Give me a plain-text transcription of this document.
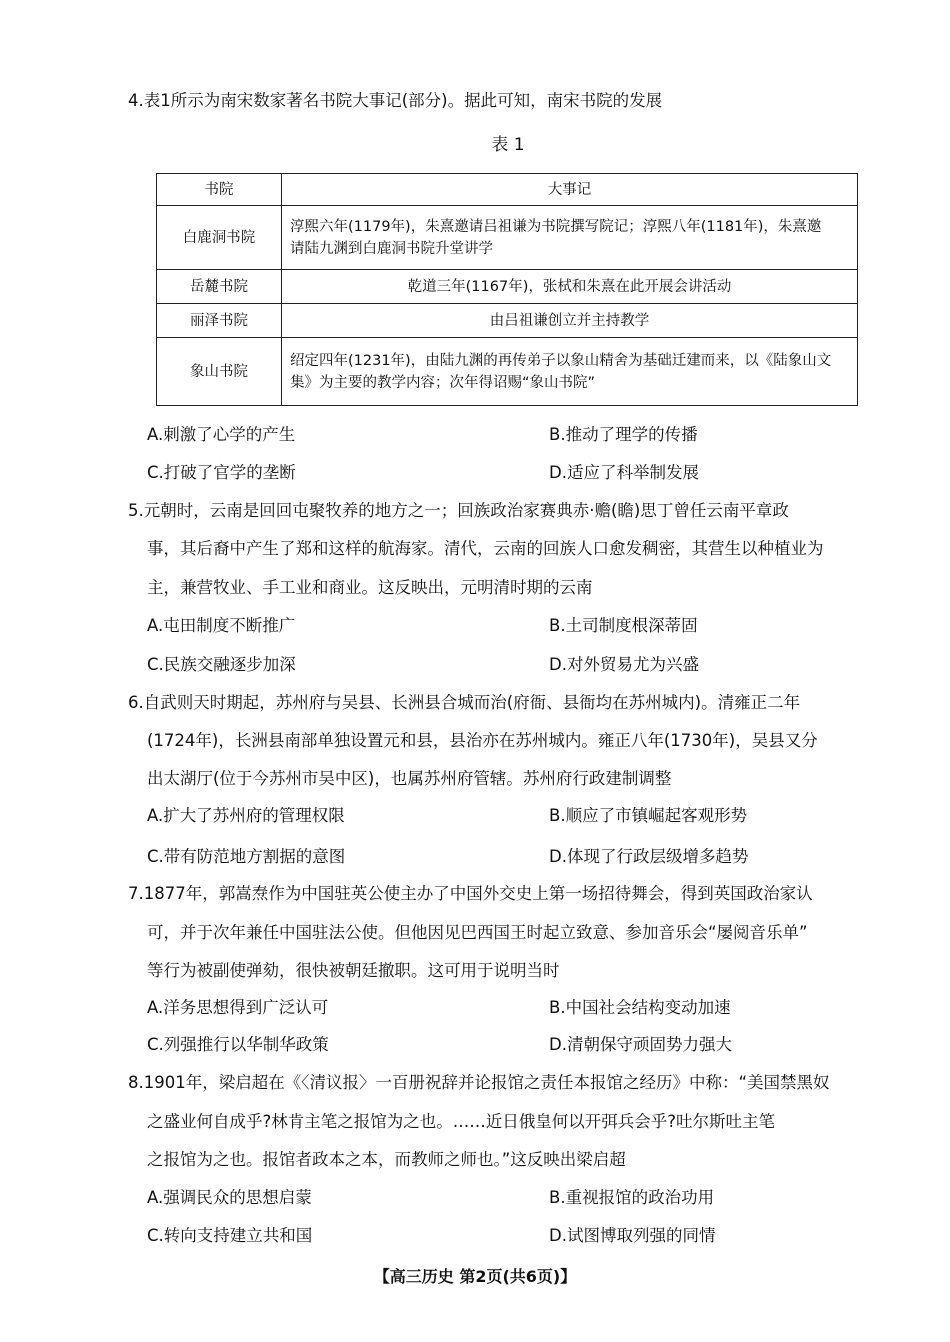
4.表1所示为南宋数家著名书院大事记(部分)。据此可知，南宋书院的发展
表 1
书院	大事记
白鹿洞书院	淳熙六年(1179年)，朱熹邀请吕祖谦为书院撰写院记；淳熙八年(1181年)，朱熹邀
请陆九渊到白鹿洞书院升堂讲学

岳麓书院	乾道三年(1167年)，张栻和朱熹在此开展会讲活动
丽泽书院	由吕祖谦创立并主持教学
象山书院	绍定四年(1231年)，由陆九渊的再传弟子以象山精舍为基础迁建而来，以《陆象山文
集》为主要的教学内容；次年得诏赐“象山书院”
A.刺激了心学的产生	B.推动了理学的传播
C.打破了官学的垄断	D.适应了科举制发展
5.元朝时，云南是回回屯聚牧养的地方之一；回族政治家赛典赤·赡(瞻)思丁曾任云南平章政
事，其后裔中产生了郑和这样的航海家。清代，云南的回族人口愈发稠密，其营生以种植业为
主，兼营牧业、手工业和商业。这反映出，元明清时期的云南
A.屯田制度不断推广	B.土司制度根深蒂固
C.民族交融逐步加深	D.对外贸易尤为兴盛
6.自武则天时期起，苏州府与吴县、长洲县合城而治(府衙、县衙均在苏州城内)。清雍正二年
(1724年)，长洲县南部单独设置元和县，县治亦在苏州城内。雍正八年(1730年)，吴县又分
出太湖厅(位于今苏州市吴中区)，也属苏州府管辖。苏州府行政建制调整
A.扩大了苏州府的管理权限	B.顺应了市镇崛起客观形势
C.带有防范地方割据的意图	D.体现了行政层级增多趋势
7.1877年，郭嵩焘作为中国驻英公使主办了中国外交史上第一场招待舞会，得到英国政治家认
可，并于次年兼任中国驻法公使。但他因见巴西国王时起立致意、参加音乐会“屡阅音乐单”
等行为被副使弹劾，很快被朝廷撤职。这可用于说明当时
A.洋务思想得到广泛认可	B.中国社会结构变动加速
C.列强推行以华制华政策	D.清朝保守顽固势力强大
8.1901年，梁启超在《〈清议报〉一百册祝辞并论报馆之责任本报馆之经历》中称：“美国禁黑奴
之盛业何自成乎?林肯主笔之报馆为之也。……近日俄皇何以开弭兵会乎?吐尔斯吐主笔
之报馆为之也。报馆者政本之本，而教师之师也。”这反映出梁启超
A.强调民众的思想启蒙	B.重视报馆的政治功用
C.转向支持建立共和国	D.试图博取列强的同情
【高三历史 第2页(共6页)】
